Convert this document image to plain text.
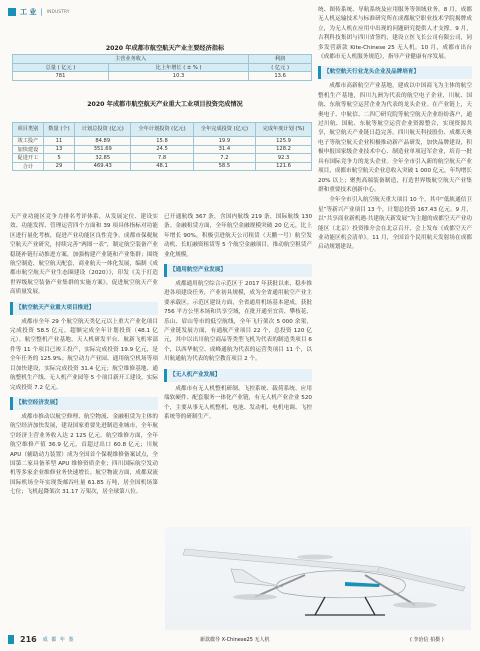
工 业 | INDUSTRY
2020 年成都市航空航天产业主要经济指标
主营业务收入		利润
总量 ( 亿元 )	比上年增长 ( ± % )	( 亿元 )
781	10.3	13.6
2020 年成都市航空航天产业重大工业项目投资完成情况
项目类别	数量 (个)	计划总投资 (亿元)	全年计划投资 (亿元)	全年完成投资 (亿元)	完成年度计划 (%)
竣工投产	11	84.89	15.8	19.9	125.9
加快建设	13	351.69	24.5	31.4	128.2
促进开工	5	32.85	7.8	7.2	92.3
合计	29	469.43	48.1	58.5	121.6

天产业功能区竞争力排名考评体系，从发展定位、建设实效、功能发挥、管理运营四个方面和 39 项具体指标对功能区进行量化考核，促进产业功能区良性竞争。成都市保税航空航天产业研究，持续完善“两图一表”，制定航空装备产业稳链补链行动推进方案，加强构建产业链和产业集群；围绕航空制造、航空航天配套，商业航天一体化发展，编制《成都市航空航天产业生态圈建设（2020）》，印发《关于打造世界级航空装备产业集群的实施方案》，促进航空航天产业高质量发展。

【航空航天产业重大项目推进】

成都市全年 29 个航空航天类亿元以上重大产业化项目完成投资 58.5 亿元，超额完成全年计划投资（48.1 亿元）。航空整机产业基地，天人机研发平台、航新飞机零部件等 11 个项目已竣工投产，实际完成投资 19.9 亿元，是全年任务的 125.9%；航空动力产业园、通用航空机场等项目加快建设，实际完成投资 31.4 亿元；航空维修基地、通航整机生产线、无人机产业园等 5 个项目新开工建设，实际完成投资 7.2 亿元。

【航空经济发展】

成都市推动以航空修理、航空物流、金融租赁为主体的航空经济加快发展，建设国家重要先进制造业城市，全年航空经济主营业务收入达 2 125 亿元。航空维修方面，全年航空维修产值 36.9 亿元，首超过出口 60.8 亿元；川航 APU（辅助动力装置）成为全国首个保税维修备案试点，全国第二家具备苯型 APU 维修资质企业；四川国际航空发动机等多家企业维修业务快速增长。航空物流方面，成都双流国际机场全年实现货邮吞吐量 61.85 万吨，居全国机场第七位；飞机起降架次 31.17 万架次，居全球第八位。

已开通航线 367 条，含国内航线 219 条，国际航线 130 条。金融租赁方面，全年航空金融规模突破 20 亿元，比上年增长 90%，积极引进航天公司租赁（天鹏一号）航空发动机、长虹融资租赁等 5 个航空金融项目，推动航空租赁产业化规模。

【通用航空产业发展】

成都通用航空综合示范区于 2017 年获批以来，稳步推进各项建设任务，产业初具规模，成为全省通用航空产业主要承载区。示范区建设方面，全省通用机场基本建成，获批 756 平方公里本场和共享空域，在批开通至宜宾、攀枝花、乐山、眉山等市的低空航线，全年飞行架次 5 000 余架，产业链发展方面，有通航产业项目 22 个，总投资 120 亿元，其中以出川航空商品等类型飞机为代表的制造类项目 6 个，以西华航空、成峰通航为代表的运营类项目 11 个，以川航通航为代表的航空教育项目 2 个。

【无人机产业发展】

成都市有无人机整机研制、飞控系统、载荷系统、应用端软硬件、配套服务一体化产业链，有无人机产业企业 520 个，主要从事无人机整机、电池、发动机、电机电调、飞控系统等的研制生产。

统、图传系统、导航系统及应用服务等领域业务。8 月，成都无人机运输技术与标准研究所在成都航空职业技术学院揭牌成立，为无人机在应用中出现的问题研究提供人才支撑。9 月，吉利科技集团与四川省签约，建设立医飞长公司有限公司，同多发营新款 Kite-Chinese 25 无人机。10 月，成都市出台《成都市无人机服务规范》，指导产业健康有序发展。

【航空航天行业龙头企业及品牌培育】

成都市高新航空产业基地，建成以中国商飞为主体的航空整机生产基地，四川九洲为代表的航空电子企业，川航、国航、东航等航空运营企业为代表的龙头企业。在产业链上，天奥电子、中航信、二四〇研究院等航空航天企业纷纷落户，通过川航、国航、东航等航空运营企业资源整合，实现资源共享，航空航天产业链日趋完善。四川航天科技股份、成都天奥电子等航空航天企业积极推动新产品研发，加快品牌建设，积极申报国家级企业技术中心、制造业单项冠军企业，培育一批具有国际竞争力的龙头企业。全年全市引入新的航空航天产业项目，成都市航空航天企业总收入突破 1 000 亿元，年均增长 20% 以上；聚焦高端装备制造，打造世界级航空航天产业集群和重要技术创新中心。

全年全市引入航空航天重大项目 10 个，其中“低轨通信卫星”等新兴产业项目 13 个，计划总投资 167.43 亿元。9 月，以“共享商业新机遇·共建航天新发展”为主题的成都空天产业功能区（北京）投资推介会在北京召开，会上发布《成都空天产业功能区机会清单》。11 月，全国首个民用航天发射场在成都启动规划建设。

新款微导 X-Chinese25 无人机	( 李治信 拍摄 )
216 成 都 年 鉴
